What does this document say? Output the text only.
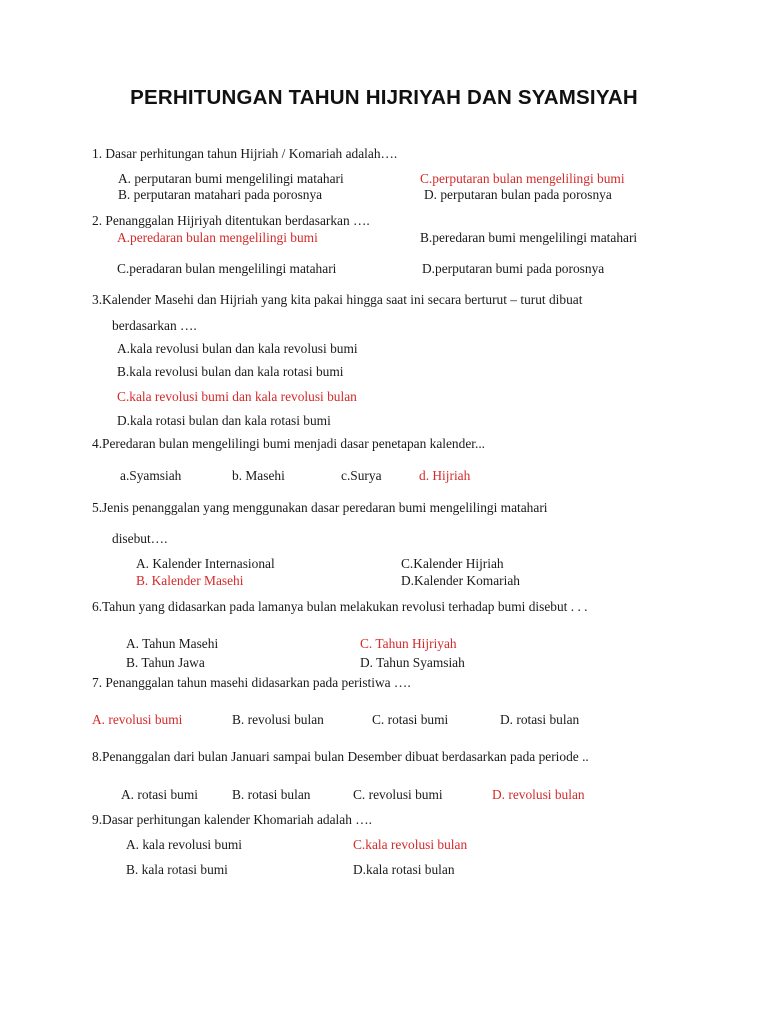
PERHITUNGAN TAHUN HIJRIYAH DAN SYAMSIYAH
1. Dasar perhitungan tahun Hijriah / Komariah adalah….
A. perputaran bumi mengelilingi matahari	C.perputaran bulan mengelilingi bumi
B. perputaran matahari pada porosnya	D. perputaran bulan pada porosnya
2. Penanggalan Hijriyah ditentukan berdasarkan ….
A.peredaran bulan mengelilingi bumi	B.peredaran bumi mengelilingi matahari
C.peradaran bulan mengelilingi matahari	D.perputaran bumi pada porosnya
3.Kalender Masehi dan Hijriah yang kita pakai hingga saat ini secara berturut – turut dibuat
berdasarkan ….
A.kala revolusi bulan dan kala revolusi bumi
B.kala revolusi bulan dan kala rotasi bumi
C.kala revolusi bumi dan kala revolusi bulan
D.kala rotasi bulan dan kala rotasi bumi
4.Peredaran bulan mengelilingi bumi menjadi dasar penetapan kalender...
a.Syamsiah	b. Masehi	c.Surya	d. Hijriah
5.Jenis penanggalan yang menggunakan dasar peredaran bumi mengelilingi matahari
disebut….
A. Kalender Internasional	C.Kalender Hijriah
B. Kalender Masehi	D.Kalender Komariah
6.Tahun yang didasarkan pada lamanya bulan melakukan revolusi terhadap bumi disebut . . .
A. Tahun Masehi	C. Tahun Hijriyah
B. Tahun Jawa	D. Tahun Syamsiah
7. Penanggalan tahun masehi didasarkan pada peristiwa ….
A. revolusi bumi	B. revolusi bulan	C. rotasi bumi	D. rotasi bulan
8.Penanggalan dari bulan Januari sampai bulan Desember dibuat berdasarkan pada periode ..
A. rotasi bumi	B. rotasi bulan	C. revolusi bumi	D. revolusi bulan
9.Dasar perhitungan kalender Khomariah adalah ….
A. kala revolusi bumi	C.kala revolusi bulan
B. kala rotasi bumi	D.kala rotasi bulan
